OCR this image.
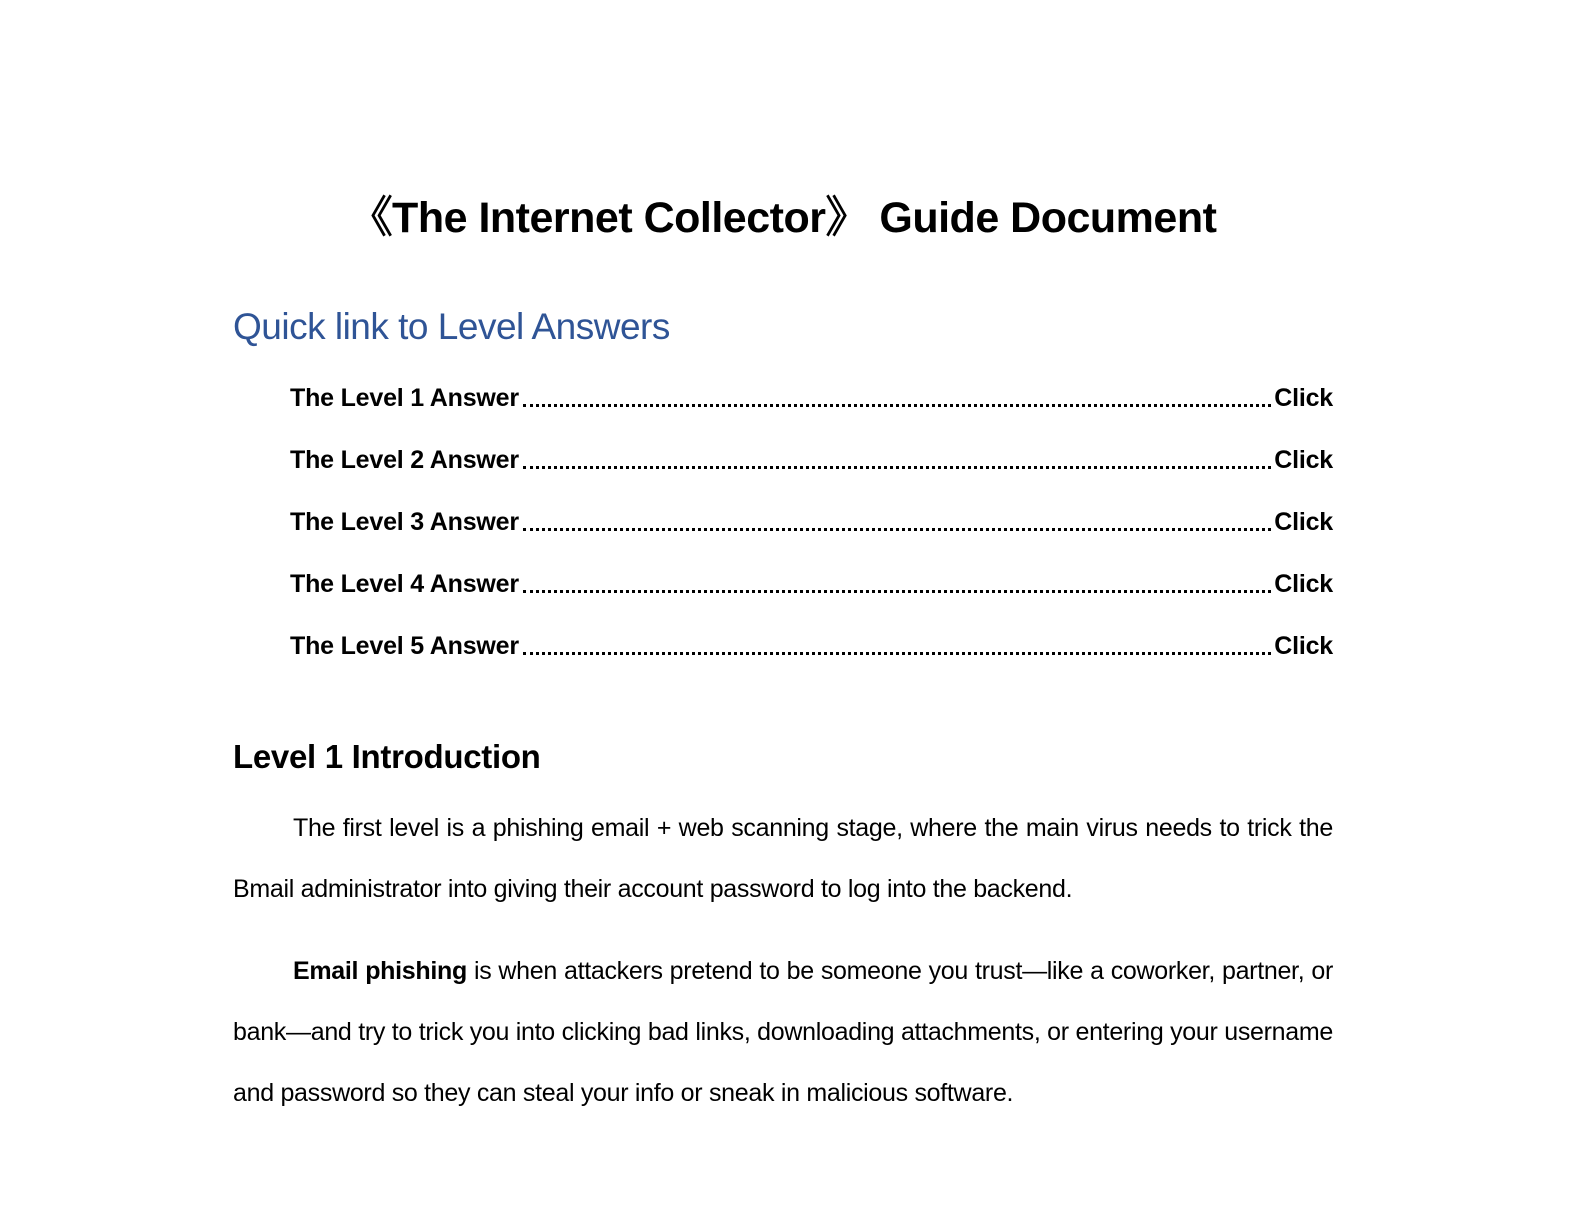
《The Internet Collector》 Guide Document
Quick link to Level Answers
The Level 1 Answer	Click
The Level 2 Answer	Click
The Level 3 Answer	Click
The Level 4 Answer	Click
The Level 5 Answer	Click
Level 1 Introduction

The first level is a phishing email + web scanning stage, where the main virus needs to trick the Bmail administrator into giving their account password to log into the backend.

Email phishing is when attackers pretend to be someone you trust—like a coworker, partner, or bank—and try to trick you into clicking bad links, downloading attachments, or entering your username and password so they can steal your info or sneak in malicious software.
